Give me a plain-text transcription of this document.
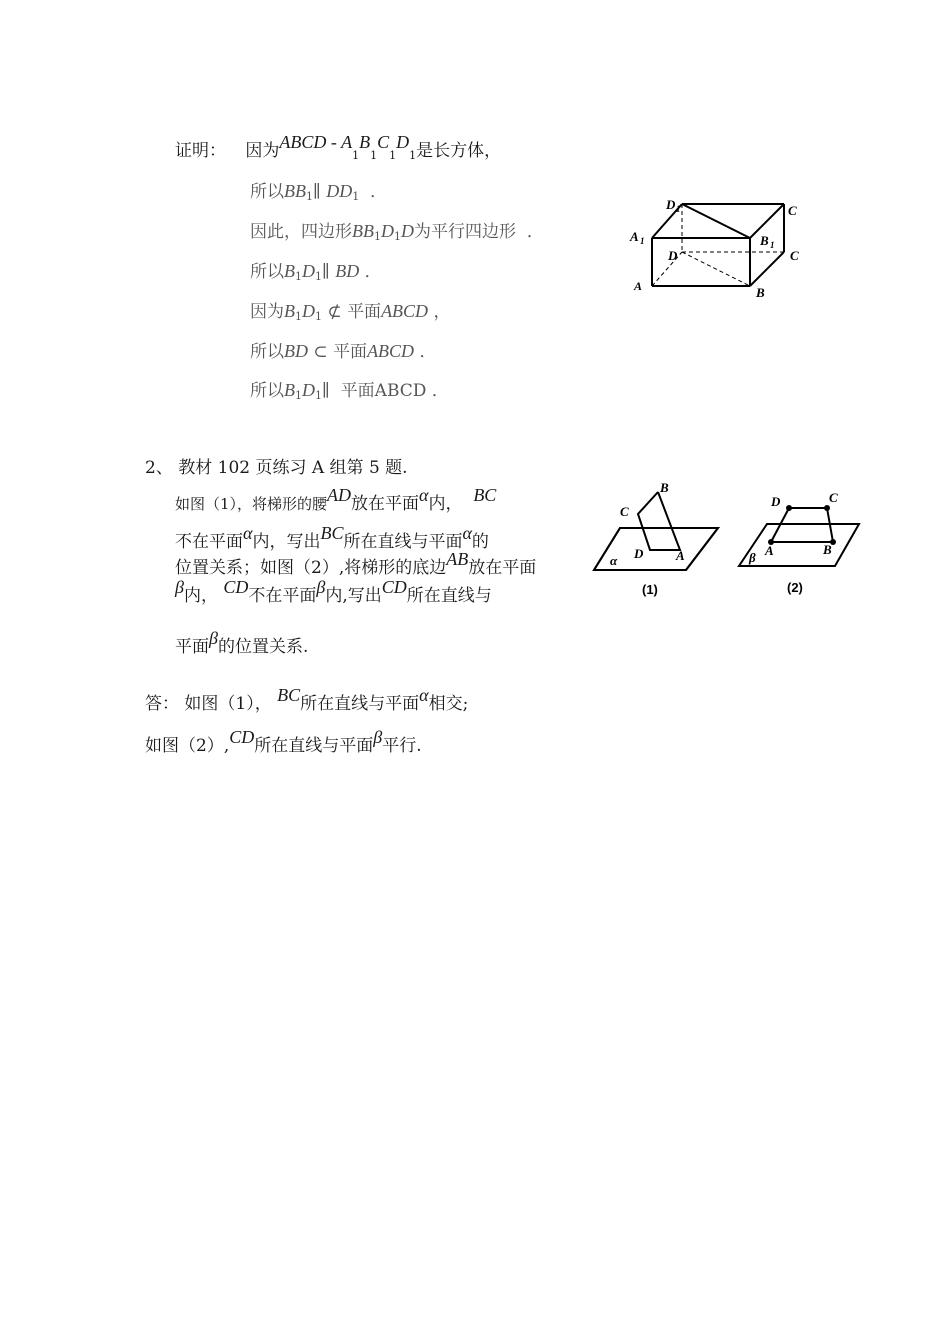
证明： 因为ABCD - A1B1C1D1是长方体，
所以BB1∥ DD1 ．
因此，四边形BB1D1D为平行四边形 ．
所以B1D1∥ BD ．
因为B1D1 ⊄ 平面ABCD ，
所以BD ⊂ 平面ABCD ．
所以B1D1∥ 平面ABCD ．
D 1	C
A 1	B 1
D	C
A	B
2、 教材 102 页练习 A 组第 5 题.
如图（1），将梯形的腰AD放在平面α内， BC
不在平面α内，写出BC所在直线与平面α的
位置关系；如图（2）,将梯形的底边AB放在平面
β内， CD不在平面β内,写出CD所在直线与
平面β的位置关系.
B
C
D	A
α
(1)
D	C
A	B
β
(2)
答： 如图（1）， BC所在直线与平面α相交;
如图（2）,CD所在直线与平面β平行.
